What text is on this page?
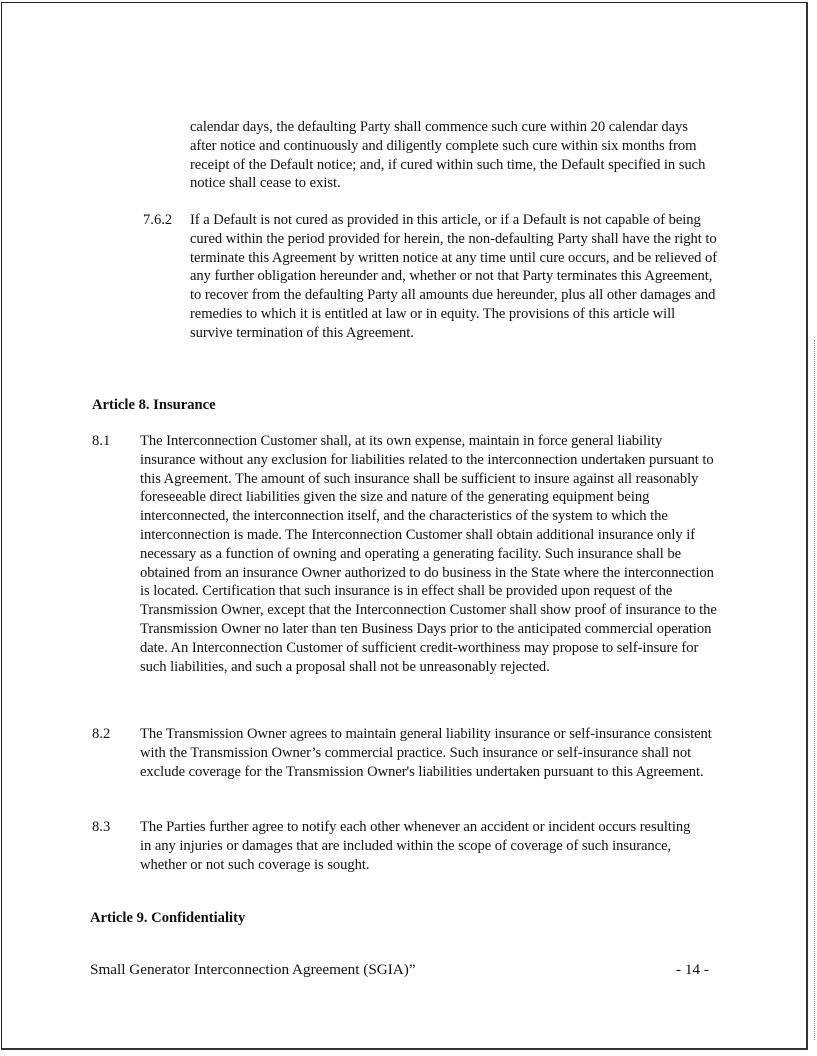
calendar days, the defaulting Party shall commence such cure within 20 calendar days after notice and continuously and diligently complete such cure within six months from receipt of the Default notice; and, if cured within such time, the Default specified in such notice shall cease to exist.

7.6.2 If a Default is not cured as provided in this article, or if a Default is not capable of being cured within the period provided for herein, the non-defaulting Party shall have the right to terminate this Agreement by written notice at any time until cure occurs, and be relieved of any further obligation hereunder and, whether or not that Party terminates this Agreement, to recover from the defaulting Party all amounts due hereunder, plus all other damages and remedies to which it is entitled at law or in equity. The provisions of this article will survive termination of this Agreement.

Article 8. Insurance
8.1 The Interconnection Customer shall, at its own expense, maintain in force general liability insurance without any exclusion for liabilities related to the interconnection undertaken pursuant to this Agreement. The amount of such insurance shall be sufficient to insure against all reasonably foreseeable direct liabilities given the size and nature of the generating equipment being interconnected, the interconnection itself, and the characteristics of the system to which the interconnection is made. The Interconnection Customer shall obtain additional insurance only if necessary as a function of owning and operating a generating facility. Such insurance shall be obtained from an insurance Owner authorized to do business in the State where the interconnection is located. Certification that such insurance is in effect shall be provided upon request of the Transmission Owner, except that the Interconnection Customer shall show proof of insurance to the Transmission Owner no later than ten Business Days prior to the anticipated commercial operation date. An Interconnection Customer of sufficient credit-worthiness may propose to self-insure for such liabilities, and such a proposal shall not be unreasonably rejected.

8.2 The Transmission Owner agrees to maintain general liability insurance or self-insurance consistent with the Transmission Owner’s commercial practice. Such insurance or self-insurance shall not exclude coverage for the Transmission Owner's liabilities undertaken pursuant to this Agreement.

8.3 The Parties further agree to notify each other whenever an accident or incident occurs resulting in any injuries or damages that are included within the scope of coverage of such insurance, whether or not such coverage is sought.

Article 9. Confidentiality
Small Generator Interconnection Agreement (SGIA)”	- 14 -
